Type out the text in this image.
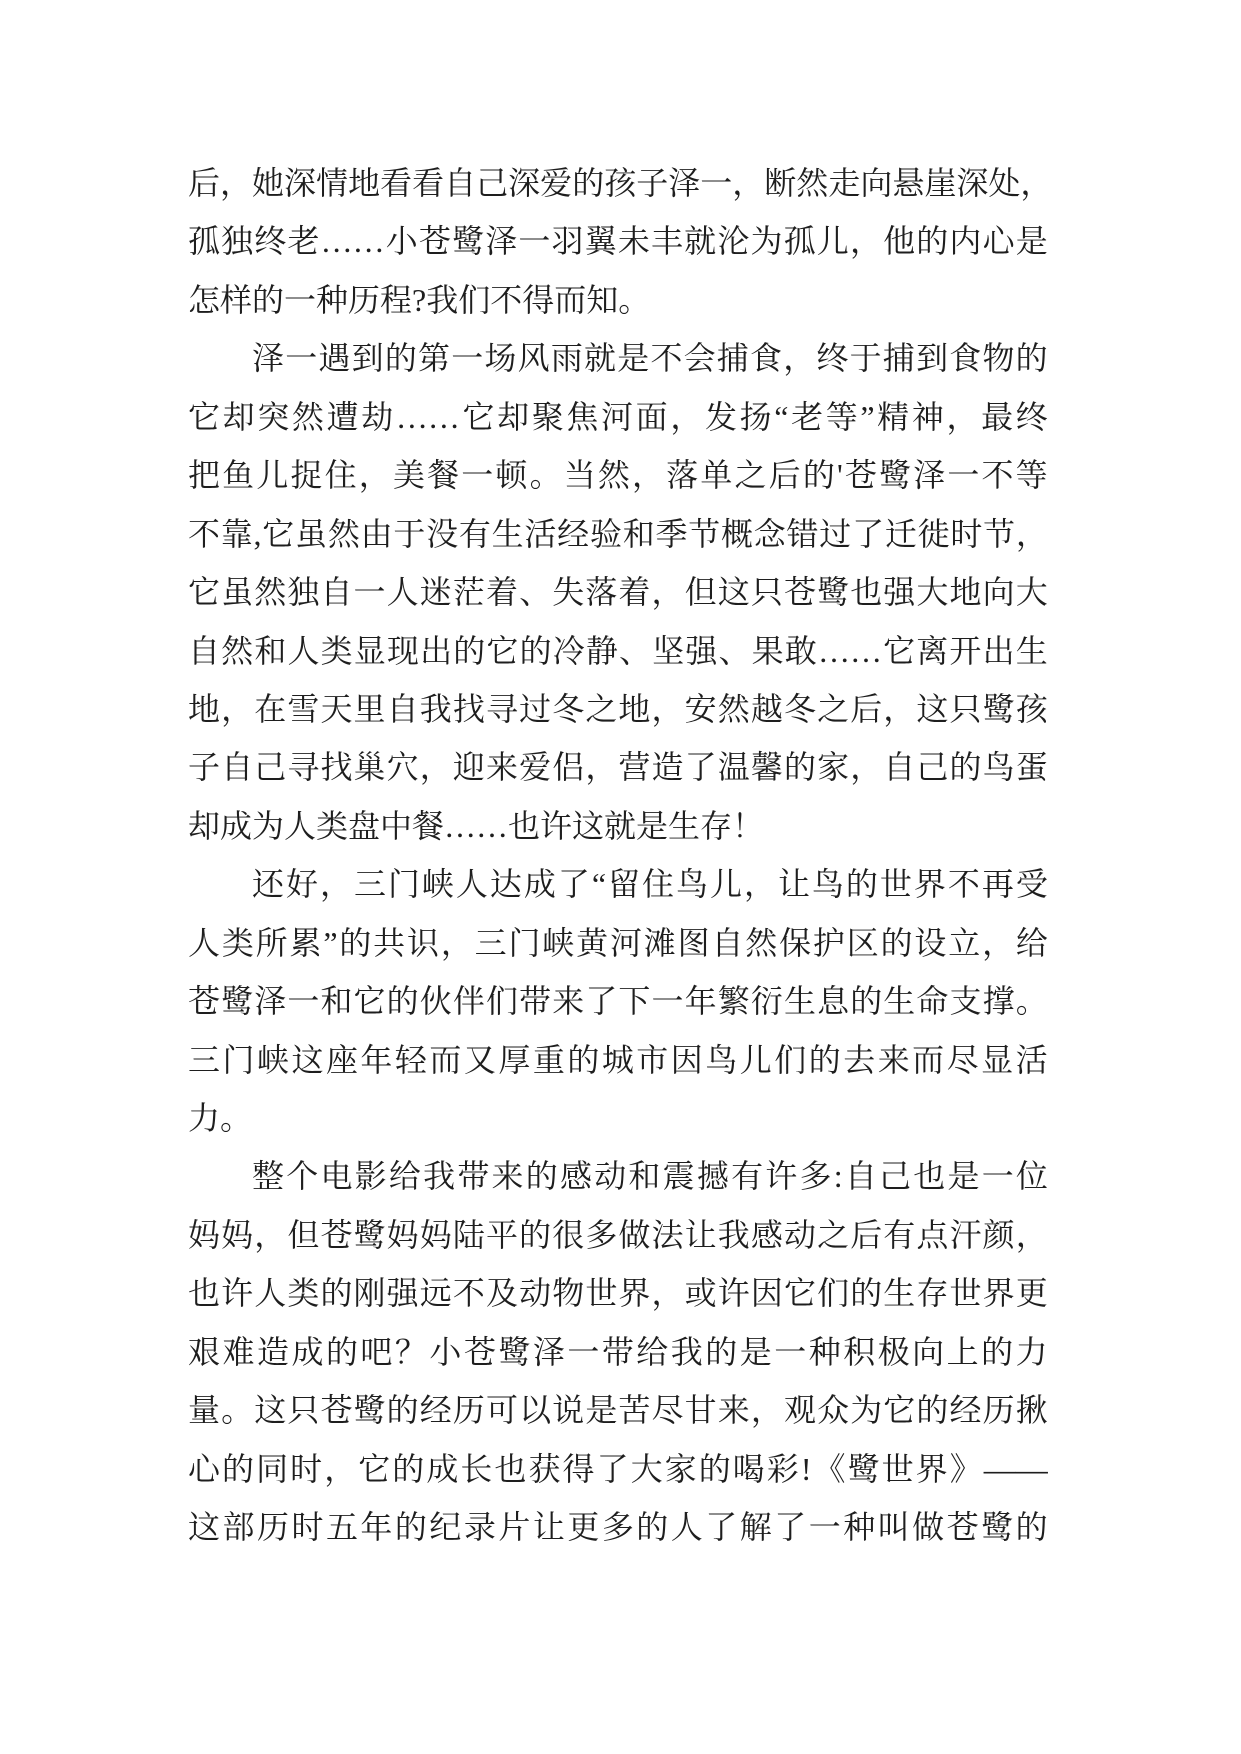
后 ， 她 深 情 地 看 看 自 己 深 爱 的 孩 子 泽 一 ， 断 然 走 向 悬 崖 深 处 ，
孤 独 终 老 …… 小 苍 鹭 泽 一 羽 翼 未 丰 就 沦 为 孤 儿 ， 他 的 内 心 是
怎样的一种历程?我们不得而知。
泽 一 遇 到 的 第 一 场 风 雨 就 是 不 会 捕 食 ， 终 于 捕 到 食 物 的
它 却 突 然 遭 劫 …… 它 却 聚 焦 河 面 ， 发 扬 “ 老 等 ” 精 神 ， 最 终
把 鱼 儿 捉 住 ， 美 餐 一 顿 。 当 然 ， 落 单 之 后 的 ' 苍 鹭 泽 一 不 等
不 靠 , 它 虽 然 由 于 没 有 生 活 经 验 和 季 节 概 念 错 过 了 迁 徙 时 节 ，
它 虽 然 独 自 一 人 迷 茫 着 、 失 落 着 ， 但 这 只 苍 鹭 也 强 大 地 向 大
自 然 和 人 类 显 现 出 的 它 的 冷 静 、 坚 强 、 果 敢 …… 它 离 开 出 生
地 ， 在 雪 天 里 自 我 找 寻 过 冬 之 地 ， 安 然 越 冬 之 后 ， 这 只 鹭 孩
子 自 己 寻 找 巢 穴 ， 迎 来 爱 侣 ， 营 造 了 温 馨 的 家 ， 自 己 的 鸟 蛋
却成为人类盘中餐……也许这就是生存！
还 好 ， 三 门 峡 人 达 成 了 “ 留 住 鸟 儿 ， 让 鸟 的 世 界 不 再 受
人 类 所 累 ” 的 共 识 ， 三 门 峡 黄 河 滩 图 自 然 保 护 区 的 设 立 ， 给
苍 鹭 泽 一 和 它 的 伙 伴 们 带 来 了 下 一 年 繁 衍 生 息 的 生 命 支 撑 。
三 门 峡 这 座 年 轻 而 又 厚 重 的 城 市 因 鸟 儿 们 的 去 来 而 尽 显 活
力。
整 个 电 影 给 我 带 来 的 感 动 和 震 撼 有 许 多 : 自 己 也 是 一 位
妈 妈 ， 但 苍 鹭 妈 妈 陆 平 的 很 多 做 法 让 我 感 动 之 后 有 点 汗 颜 ，
也 许 人 类 的 刚 强 远 不 及 动 物 世 界 ， 或 许 因 它 们 的 生 存 世 界 更
艰 难 造 成 的 吧 ？ 小 苍 鹭 泽 一 带 给 我 的 是 一 种 积 极 向 上 的 力
量 。 这 只 苍 鹭 的 经 历 可 以 说 是 苦 尽 甘 来 ， 观 众 为 它 的 经 历 揪
心 的 同 时 ， 它 的 成 长 也 获 得 了 大 家 的 喝 彩 ! 《 鹭 世 界 》 ——
这 部 历 时 五 年 的 纪 录 片 让 更 多 的 人 了 解 了 一 种 叫 做 苍 鹭 的
